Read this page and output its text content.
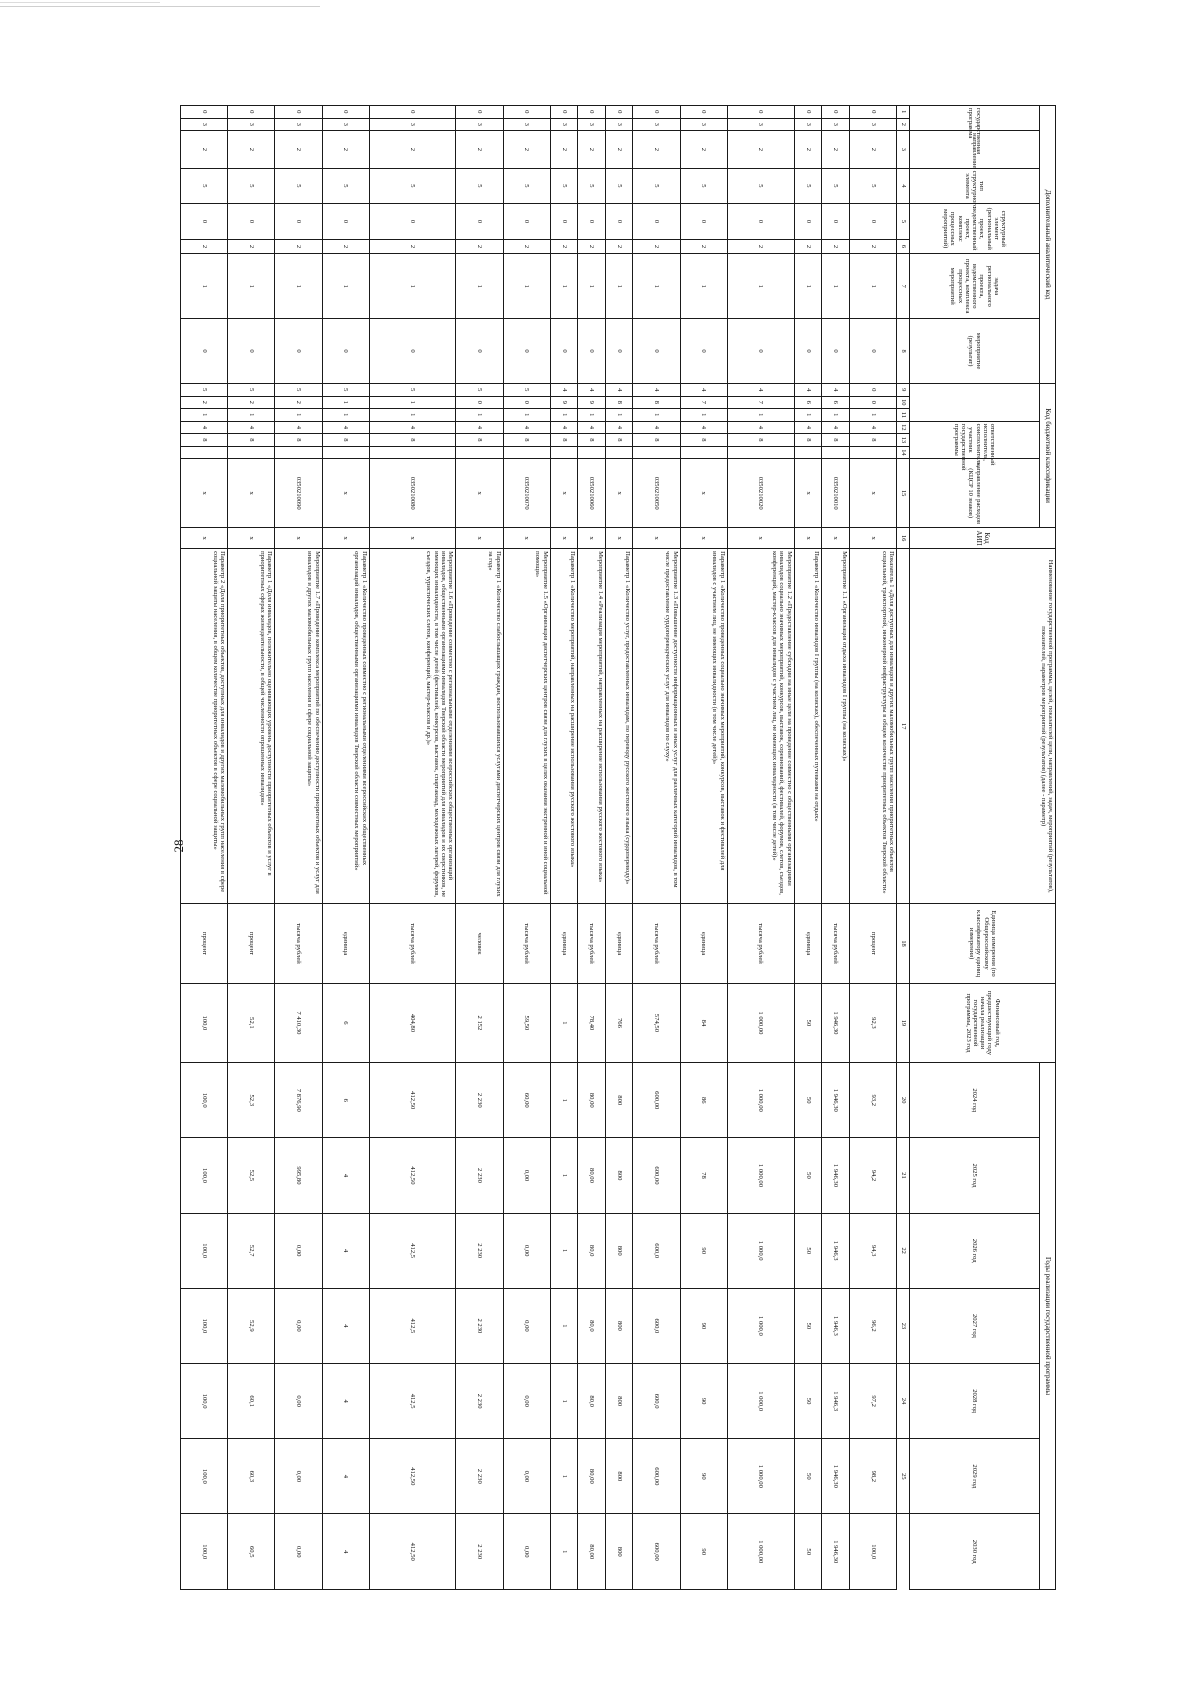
28
Дополнительный аналитический код								Код бюджетной классификации							Код АИП	Наименование государственной программы, целей, показателей цели, направлений, задач, мероприятий (результатов), показателей, параметров мероприятий (результатов) (далее - параметр)	Единица измерения (по Общероссийскому классификатору единиц измерения)	Финансовый год, предшествующий году начала реализации государственной программы, 2023 год	Годы реализации государственной программы						
государственная программа		направление	тип структурного элемента	структурный элемент (региональный проект, ведомственный проект, комплекс процессных мероприятий)		задача регионального проекта, ведомственного проекта, комплекса процессных мероприятий	мероприятие (результат)				ответственный исполнитель, соисполнитель, участник государственной программы			направление расходов (КЦСР 10 знаков)					2024 год	2025 год	2026 год	2027 год	2028 год	2029 год	2030 год
1	2	3	4	5	6	7	8	9	10	11	12	13	14	15	16	17	18	19	20	21	22	23	24	25	
0	3	2	5	0	2	1	0	0	0	1	4	8		x	x	Показатель 1 «Доля доступных для инвалидов и других маломобильных групп населения приоритетных объектов социальной, транспортной, инженерной инфраструктуры в общем количестве приоритетных объектов Тверской области»	процент	92,3	93,2	94,2	94,3	96,2	97,2	98,2	100,0
0	3	2	5	0	2	1	0	4	6	1	4	8		0350210010	x	Мероприятие 1.1 «Организация отдыха инвалидов I группы (на колясках)»	тысяча рублей	1 946,30	1 946,30	1 946,30	1 946,3	1 946,3	1 946,3	1 946,30	1 946,30
0	3	2	5	0	2	1	0	4	6	1	4	8		x	x	Параметр 1 «Количество инвалидов I группы (на колясках), обеспеченных путевками на отдых»	единица	50	50	50	50	50	50	50	50
0	3	2	5	0	2	1	0	4	7	1	4	8		0350210020	x	Мероприятие 1.2 «Предоставление субсидии на иные цели на проведение совместно с общественными организациями инвалидов социально значимых мероприятий, конкурсов, выставок, соревнований, фестивалей, форумов, слетов, съездов, конференций, мастер-классов для инвалидов с участием лиц, не имеющих инвалидности (в том числе детей)»	тысяча рублей	1 000,00	1 000,00	1 000,00	1 000,0	1 000,0	1 000,0	1 000,00	1 000,00
0	3	2	5	0	2	1	0	4	7	1	4	8		x	x	Параметр 1 «Количество проведенных социально значимых мероприятий, конкурсов, выставок и фестивалей для инвалидов с участием лиц, не имеющих инвалидности (в том числе детей)»	единица	84	86	78	90	90	90	90	90
0	3	2	5	0	2	1	0	4	8	1	4	8		0350210050	x	Мероприятие 1.3 «Повышение доступности информационных и иных услуг для различных категорий инвалидов, в том числе предоставление сурдопереводческих услуг для инвалидов по слуху»	тысяча рублей	574,50	600,00	600,00	600,0	600,0	600,0	600,00	600,00
0	3	2	5	0	2	1	0	4	8	1	4	8		x	x	Параметр 1 «Количество услуг, предоставленных инвалидам, по переводу русского жестового языка (сурдопереводу)»	единица	766	800	800	800	800	800	800	800
0	3	2	5	0	2	1	0	4	9	1	4	8		0350210060	x	Мероприятие 1.4 «Реализация мероприятий, направленных на расширение использования русского жестового языка»	тысяча рублей	78,40	80,00	80,00	80,0	80,0	80,0	80,00	80,00
0	3	2	5	0	2	1	0	4	9	1	4	8		x	x	Параметр 1 «Количество мероприятий, направленных на расширение использования русского жестового языка»	единица	1	1	1	1	1	1	1	1
0	3	2	5	0	2	1	0	5	0	1	4	8		0350210070	x	Мероприятие 1.5 «Организация диспетчерских центров связи для глухих в целях оказания экстренной и иной социальной помощи»	тысяча рублей	59,50	60,00	0,00	0,00	0,00	0,00	0,00	0,00
0	3	2	5	0	2	1	0	5	0	1	4	8		x	x	Параметр 1 «Количество слабослышащих граждан, воспользовавшихся услугами диспетчерских центров связи для глухих за год»	человек	2 152	2 230	2 230	2 230	2 230	2 230	2 230	2 230
0	3	2	5	0	2	1	0	5	1	1	4	8		0350210080	x	Мероприятие 1.6 «Проведение совместно с региональными отделениями всероссийских общественных организаций инвалидов, общественными организациями инвалидов Тверской области мероприятий для инвалидов и их сверстников, не имеющих инвалидности, в том числе детей (фестивалей, конкурсов, выставок, спартакиад, молодежных лагерей, форумов, съездов, туристических слетов, конференций, мастер-классов и др.)»	тысяча рублей	404,80	412,50	412,50	412,5	412,5	412,5	412,50	412,50
0	3	2	5	0	2	1	0	5	1	1	4	8		x	x	Параметр 1 «Количество проведенных совместно с региональными отделениями всероссийских общественных организаций инвалидов, общественными организациями инвалидов Тверской области совместных мероприятий»	единица	6	6	4	4	4	4	4	4
0	3	2	5	0	2	1	0	5	2	1	4	8		0350210090	x	Мероприятие 1.7 «Проведение комплекса мероприятий по обеспечению доступности приоритетных объектов и услуг для инвалидов и других маломобильных групп населения в сфере социальной защиты»	тысяча рублей	7 410,30	7 876,90	995,80	0,00	0,00	0,00	0,00	0,00
0	3	2	5	0	2	1	0	5	2	1	4	8		x	x	Параметр 1 «Доля инвалидов, положительно оценивающих уровень доступности приоритетных объектов и услуг в приоритетных сферах жизнедеятельности, в общей численности опрошенных инвалидов»	процент	52,1	52,3	52,5	52,7	52,9	60,1	60,3	60,5
0	3	2	5	0	2	1	0	5	2	1	4	8		x	x	Параметр 2 «Доля приоритетных объектов, доступных для инвалидов и других маломобильных групп населения в сфере социальной защиты населения, в общем количестве приоритетных объектов в сфере социальной защиты»	процент	100,0	100,0	100,0	100,0	100,0	100,0	100,0	100,0
